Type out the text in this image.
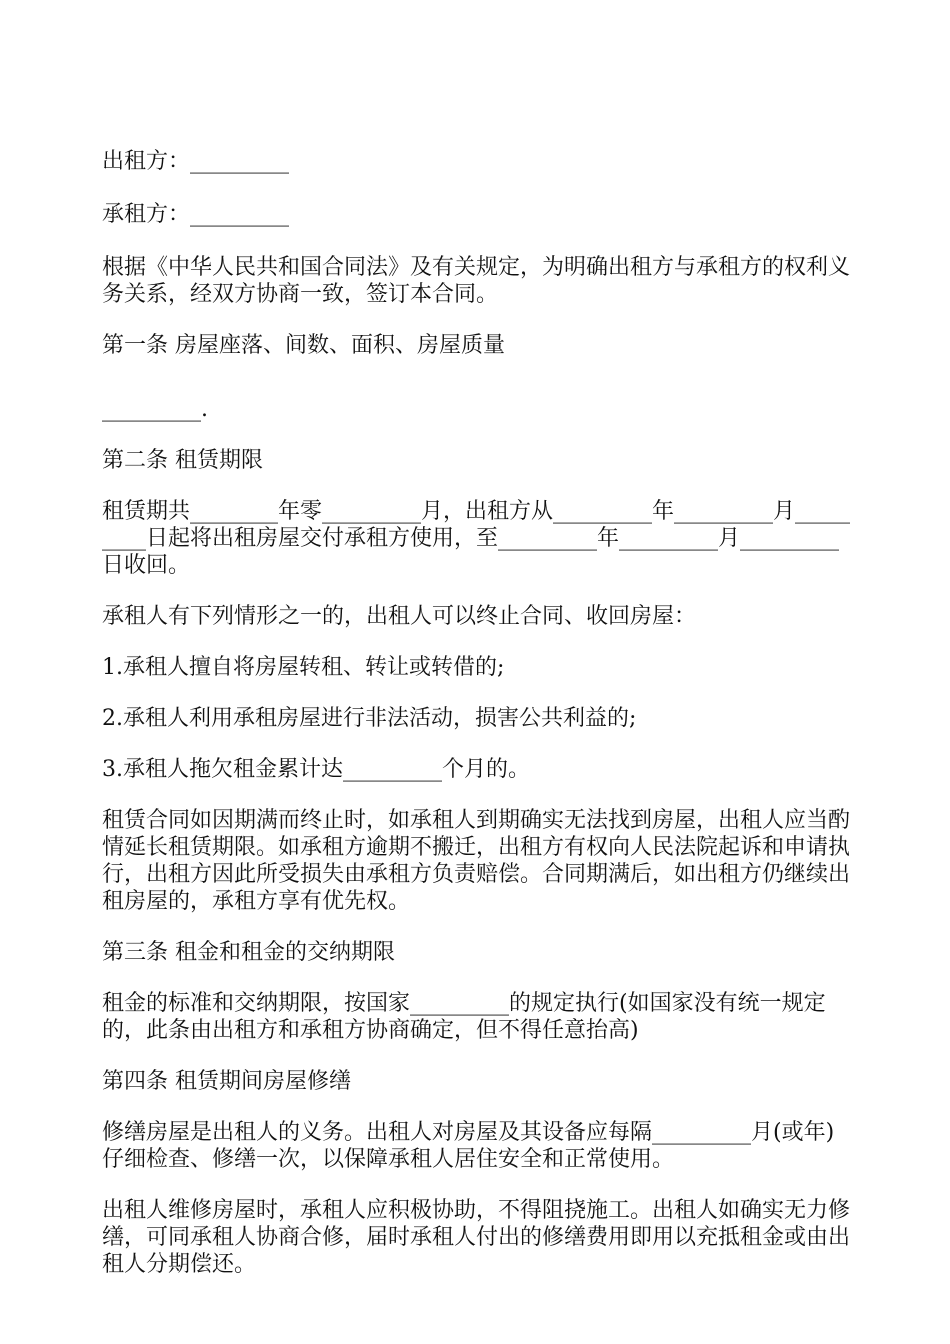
出租方：_________

承租方：_________

根据《中华人民共和国合同法》及有关规定，为明确出租方与承租方的权利义务关系，经双方协商一致，签订本合同。

第一条 房屋座落、间数、面积、房屋质量

_________.

第二条 租赁期限

租赁期共________年零_________月，出租方从_________年_________月_________日起将出租房屋交付承租方使用，至_________年_________月_________日收回。

承租人有下列情形之一的，出租人可以终止合同、收回房屋：

1.承租人擅自将房屋转租、转让或转借的;

2.承租人利用承租房屋进行非法活动，损害公共利益的;

3.承租人拖欠租金累计达_________个月的。

租赁合同如因期满而终止时，如承租人到期确实无法找到房屋，出租人应当酌情延长租赁期限。如承租方逾期不搬迁，出租方有权向人民法院起诉和申请执行，出租方因此所受损失由承租方负责赔偿。合同期满后，如出租方仍继续出租房屋的，承租方享有优先权。

第三条 租金和租金的交纳期限

租金的标准和交纳期限，按国家_________的规定执行(如国家没有统一规定的，此条由出租方和承租方协商确定，但不得任意抬高)

第四条 租赁期间房屋修缮

修缮房屋是出租人的义务。出租人对房屋及其设备应每隔_________月(或年)仔细检查、修缮一次，以保障承租人居住安全和正常使用。

出租人维修房屋时，承租人应积极协助，不得阻挠施工。出租人如确实无力修缮，可同承租人协商合修，届时承租人付出的修缮费用即用以充抵租金或由出租人分期偿还。
